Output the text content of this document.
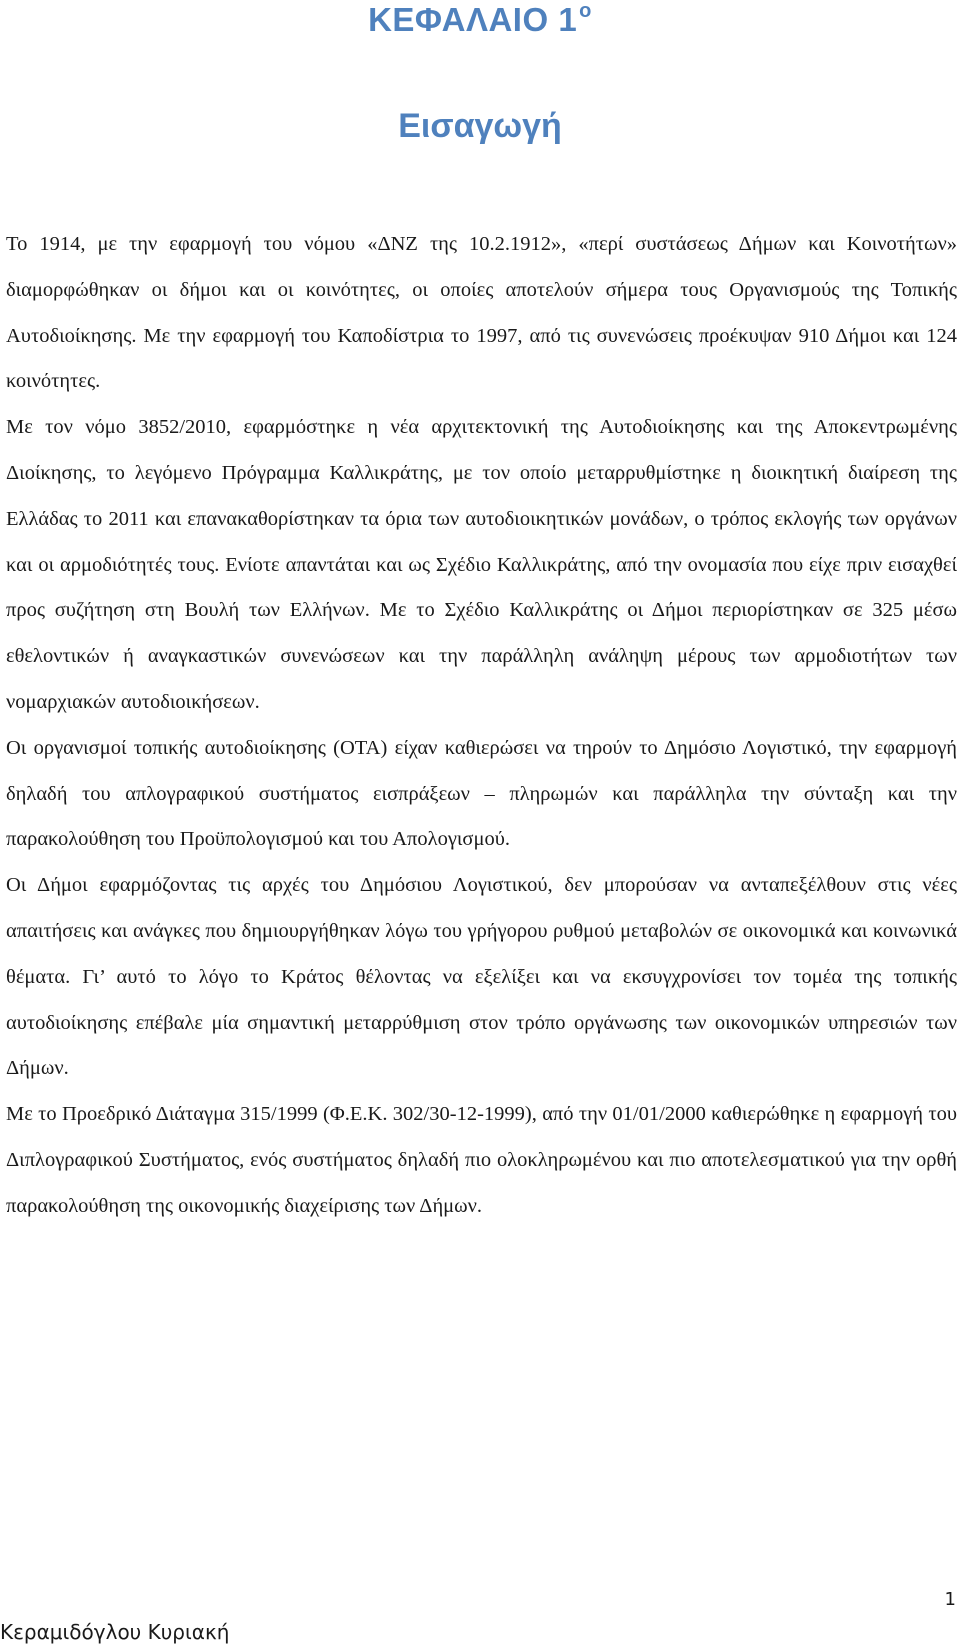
ΚΕΦΑΛΑΙΟ 1 $^o$
Εισαγωγή

Το 1914, με την εφαρμογή του νόμου «ΔΝΖ της 10.2.1912», «περί συστάσεως Δήμων και Κοινοτήτων» διαμορφώθηκαν οι δήμοι και οι κοινότητες, οι οποίες αποτελούν σήμερα τους Οργανισμούς της Τοπικής Αυτοδιοίκησης. Με την εφαρμογή του Καποδίστρια το 1997, από τις συνενώσεις προέκυψαν 910 Δήμοι και 124 κοινότητες.

Με τον νόμο 3852/2010, εφαρμόστηκε η νέα αρχιτεκτονική της Αυτοδιοίκησης και της Αποκεντρωμένης Διοίκησης, το λεγόμενο Πρόγραμμα Καλλικράτης, με τον οποίο μεταρρυθμίστηκε η διοικητική διαίρεση της Ελλάδας το 2011 και επανακαθορίστηκαν τα όρια των αυτοδιοικητικών μονάδων, ο τρόπος εκλογής των οργάνων και οι αρμοδιότητές τους. Ενίοτε απαντάται και ως Σχέδιο Καλλικράτης, από την ονομασία που είχε πριν εισαχθεί προς συζήτηση στη Βουλή των Ελλήνων. Με το Σχέδιο Καλλικράτης οι Δήμοι περιορίστηκαν σε 325 μέσω εθελοντικών ή αναγκαστικών συνενώσεων και την παράλληλη ανάληψη μέρους των αρμοδιοτήτων των νομαρχιακών αυτοδιοικήσεων.

Οι οργανισμοί τοπικής αυτοδιοίκησης (ΟΤΑ) είχαν καθιερώσει να τηρούν το Δημόσιο Λογιστικό, την εφαρμογή δηλαδή του απλογραφικού συστήματος εισπράξεων – πληρωμών και παράλληλα την σύνταξη και την παρακολούθηση του Προϋπολογισμού και του Απολογισμού.

Οι Δήμοι εφαρμόζοντας τις αρχές του Δημόσιου Λογιστικού, δεν μπορούσαν να ανταπεξέλθουν στις νέες απαιτήσεις και ανάγκες που δημιουργήθηκαν λόγω του γρήγορου ρυθμού μεταβολών σε οικονομικά και κοινωνικά θέματα. Γι’ αυτό το λόγο το Κράτος θέλοντας να εξελίξει και να εκσυγχρονίσει τον τομέα της τοπικής αυτοδιοίκησης επέβαλε μία σημαντική μεταρρύθμιση στον τρόπο οργάνωσης των οικονομικών υπηρεσιών των Δήμων.

Με το Προεδρικό Διάταγμα 315/1999 (Φ.Ε.Κ. 302/30-12-1999), από την 01/01/2000 καθιερώθηκε η εφαρμογή του Διπλογραφικού Συστήματος, ενός συστήματος δηλαδή πιο ολοκληρωμένου και πιο αποτελεσματικού για την ορθή παρακολούθηση της οικονομικής διαχείρισης των Δήμων.

1
Κεραμιδόγλου Κυριακή
